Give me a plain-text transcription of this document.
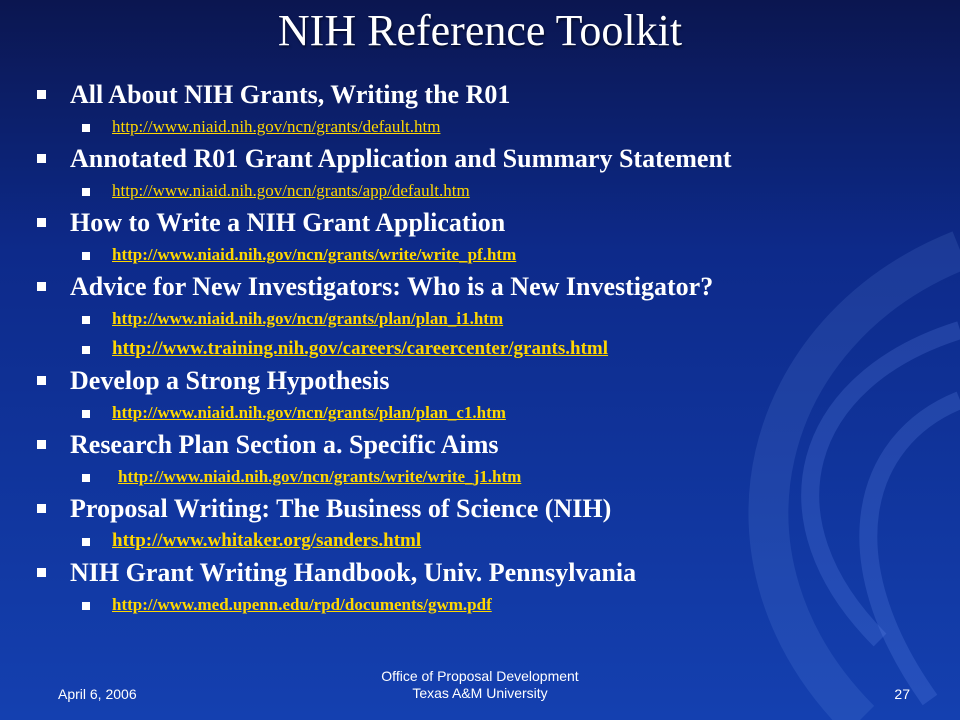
NIH Reference Toolkit
All About NIH Grants, Writing the R01
http://www.niaid.nih.gov/ncn/grants/default.htm
Annotated R01 Grant Application and Summary Statement
http://www.niaid.nih.gov/ncn/grants/app/default.htm
How to Write a NIH Grant Application
http://www.niaid.nih.gov/ncn/grants/write/write_pf.htm
Advice for New Investigators: Who is a New Investigator?
http://www.niaid.nih.gov/ncn/grants/plan/plan_i1.htm
http://www.training.nih.gov/careers/careercenter/grants.html
Develop a Strong Hypothesis
http://www.niaid.nih.gov/ncn/grants/plan/plan_c1.htm
Research Plan Section a. Specific Aims
http://www.niaid.nih.gov/ncn/grants/write/write_j1.htm
Proposal Writing: The Business of Science (NIH)
http://www.whitaker.org/sanders.html
NIH Grant Writing Handbook, Univ. Pennsylvania
http://www.med.upenn.edu/rpd/documents/gwm.pdf
April 6, 2006
Office of Proposal Development
Texas A&M University	27
